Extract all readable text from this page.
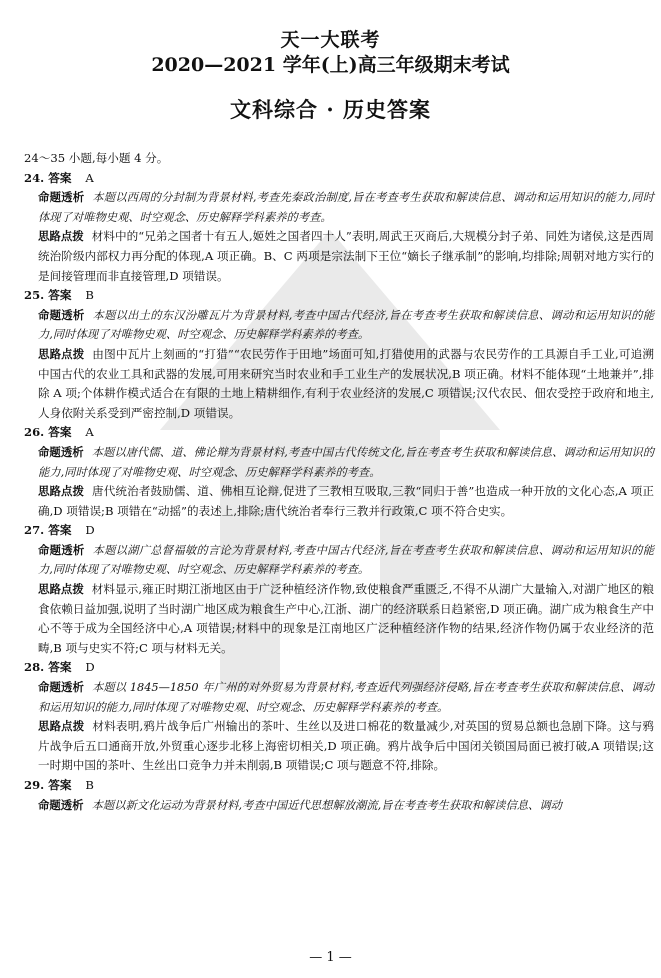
天一大联考
2020—2021 学年(上)高三年级期末考试
文科综合 · 历史答案

24～35 小题,每小题 4 分。

24. 答案 A

命题透析 本题以西周的分封制为背景材料,考查先秦政治制度,旨在考查考生获取和解读信息、调动和运用知识的能力,同时体现了对唯物史观、时空观念、历史解释学科素养的考查。

思路点拨 材料中的“兄弟之国者十有五人,姬姓之国者四十人”表明,周武王灭商后,大规模分封子弟、同姓为诸侯,这是西周统治阶级内部权力再分配的体现,A 项正确。B、C 两项是宗法制下王位“嫡长子继承制”的影响,均排除;周朝对地方实行的是间接管理而非直接管理,D 项错误。

25. 答案 B

命题透析 本题以出土的东汉汾雕瓦片为背景材料,考查中国古代经济,旨在考查考生获取和解读信息、调动和运用知识的能力,同时体现了对唯物史观、时空观念、历史解释学科素养的考查。

思路点拨 由图中瓦片上刻画的“打猎”“农民劳作于田地”场面可知,打猎使用的武器与农民劳作的工具源自手工业,可追溯中国古代的农业工具和武器的发展,可用来研究当时农业和手工业生产的发展状况,B 项正确。材料不能体现“土地兼并”,排除 A 项;个体耕作模式适合在有限的土地上精耕细作,有利于农业经济的发展,C 项错误;汉代农民、佃农受控于政府和地主,人身依附关系受到严密控制,D 项错误。

26. 答案 A

命题透析 本题以唐代儒、道、佛论辩为背景材料,考查中国古代传统文化,旨在考查考生获取和解读信息、调动和运用知识的能力,同时体现了对唯物史观、时空观念、历史解释学科素养的考查。

思路点拨 唐代统治者鼓励儒、道、佛相互论辩,促进了三教相互吸取,三教“同归于善”也造成一种开放的文化心态,A 项正确,D 项错误;B 项错在“动摇”的表述上,排除;唐代统治者奉行三教并行政策,C 项不符合史实。

27. 答案 D

命题透析 本题以湖广总督福敏的言论为背景材料,考查中国古代经济,旨在考查考生获取和解读信息、调动和运用知识的能力,同时体现了对唯物史观、时空观念、历史解释学科素养的考查。

思路点拨 材料显示,雍正时期江浙地区由于广泛种植经济作物,致使粮食严重匮乏,不得不从湖广大量输入,对湖广地区的粮食依赖日益加强,说明了当时湖广地区成为粮食生产中心,江浙、湖广的经济联系日趋紧密,D 项正确。湖广成为粮食生产中心不等于成为全国经济中心,A 项错误;材料中的现象是江南地区广泛种植经济作物的结果,经济作物仍属于农业经济的范畴,B 项与史实不符;C 项与材料无关。

28. 答案 D

命题透析 本题以 1845—1850 年广州的对外贸易为背景材料,考查近代列强经济侵略,旨在考查考生获取和解读信息、调动和运用知识的能力,同时体现了对唯物史观、时空观念、历史解释学科素养的考查。

思路点拨 材料表明,鸦片战争后广州输出的茶叶、生丝以及进口棉花的数量减少,对英国的贸易总额也急剧下降。这与鸦片战争后五口通商开放,外贸重心逐步北移上海密切相关,D 项正确。鸦片战争后中国闭关锁国局面已被打破,A 项错误;这一时期中国的茶叶、生丝出口竞争力并未削弱,B 项错误;C 项与题意不符,排除。

29. 答案 B

命题透析 本题以新文化运动为背景材料,考查中国近代思想解放潮流,旨在考查考生获取和解读信息、调动

— 1 —
